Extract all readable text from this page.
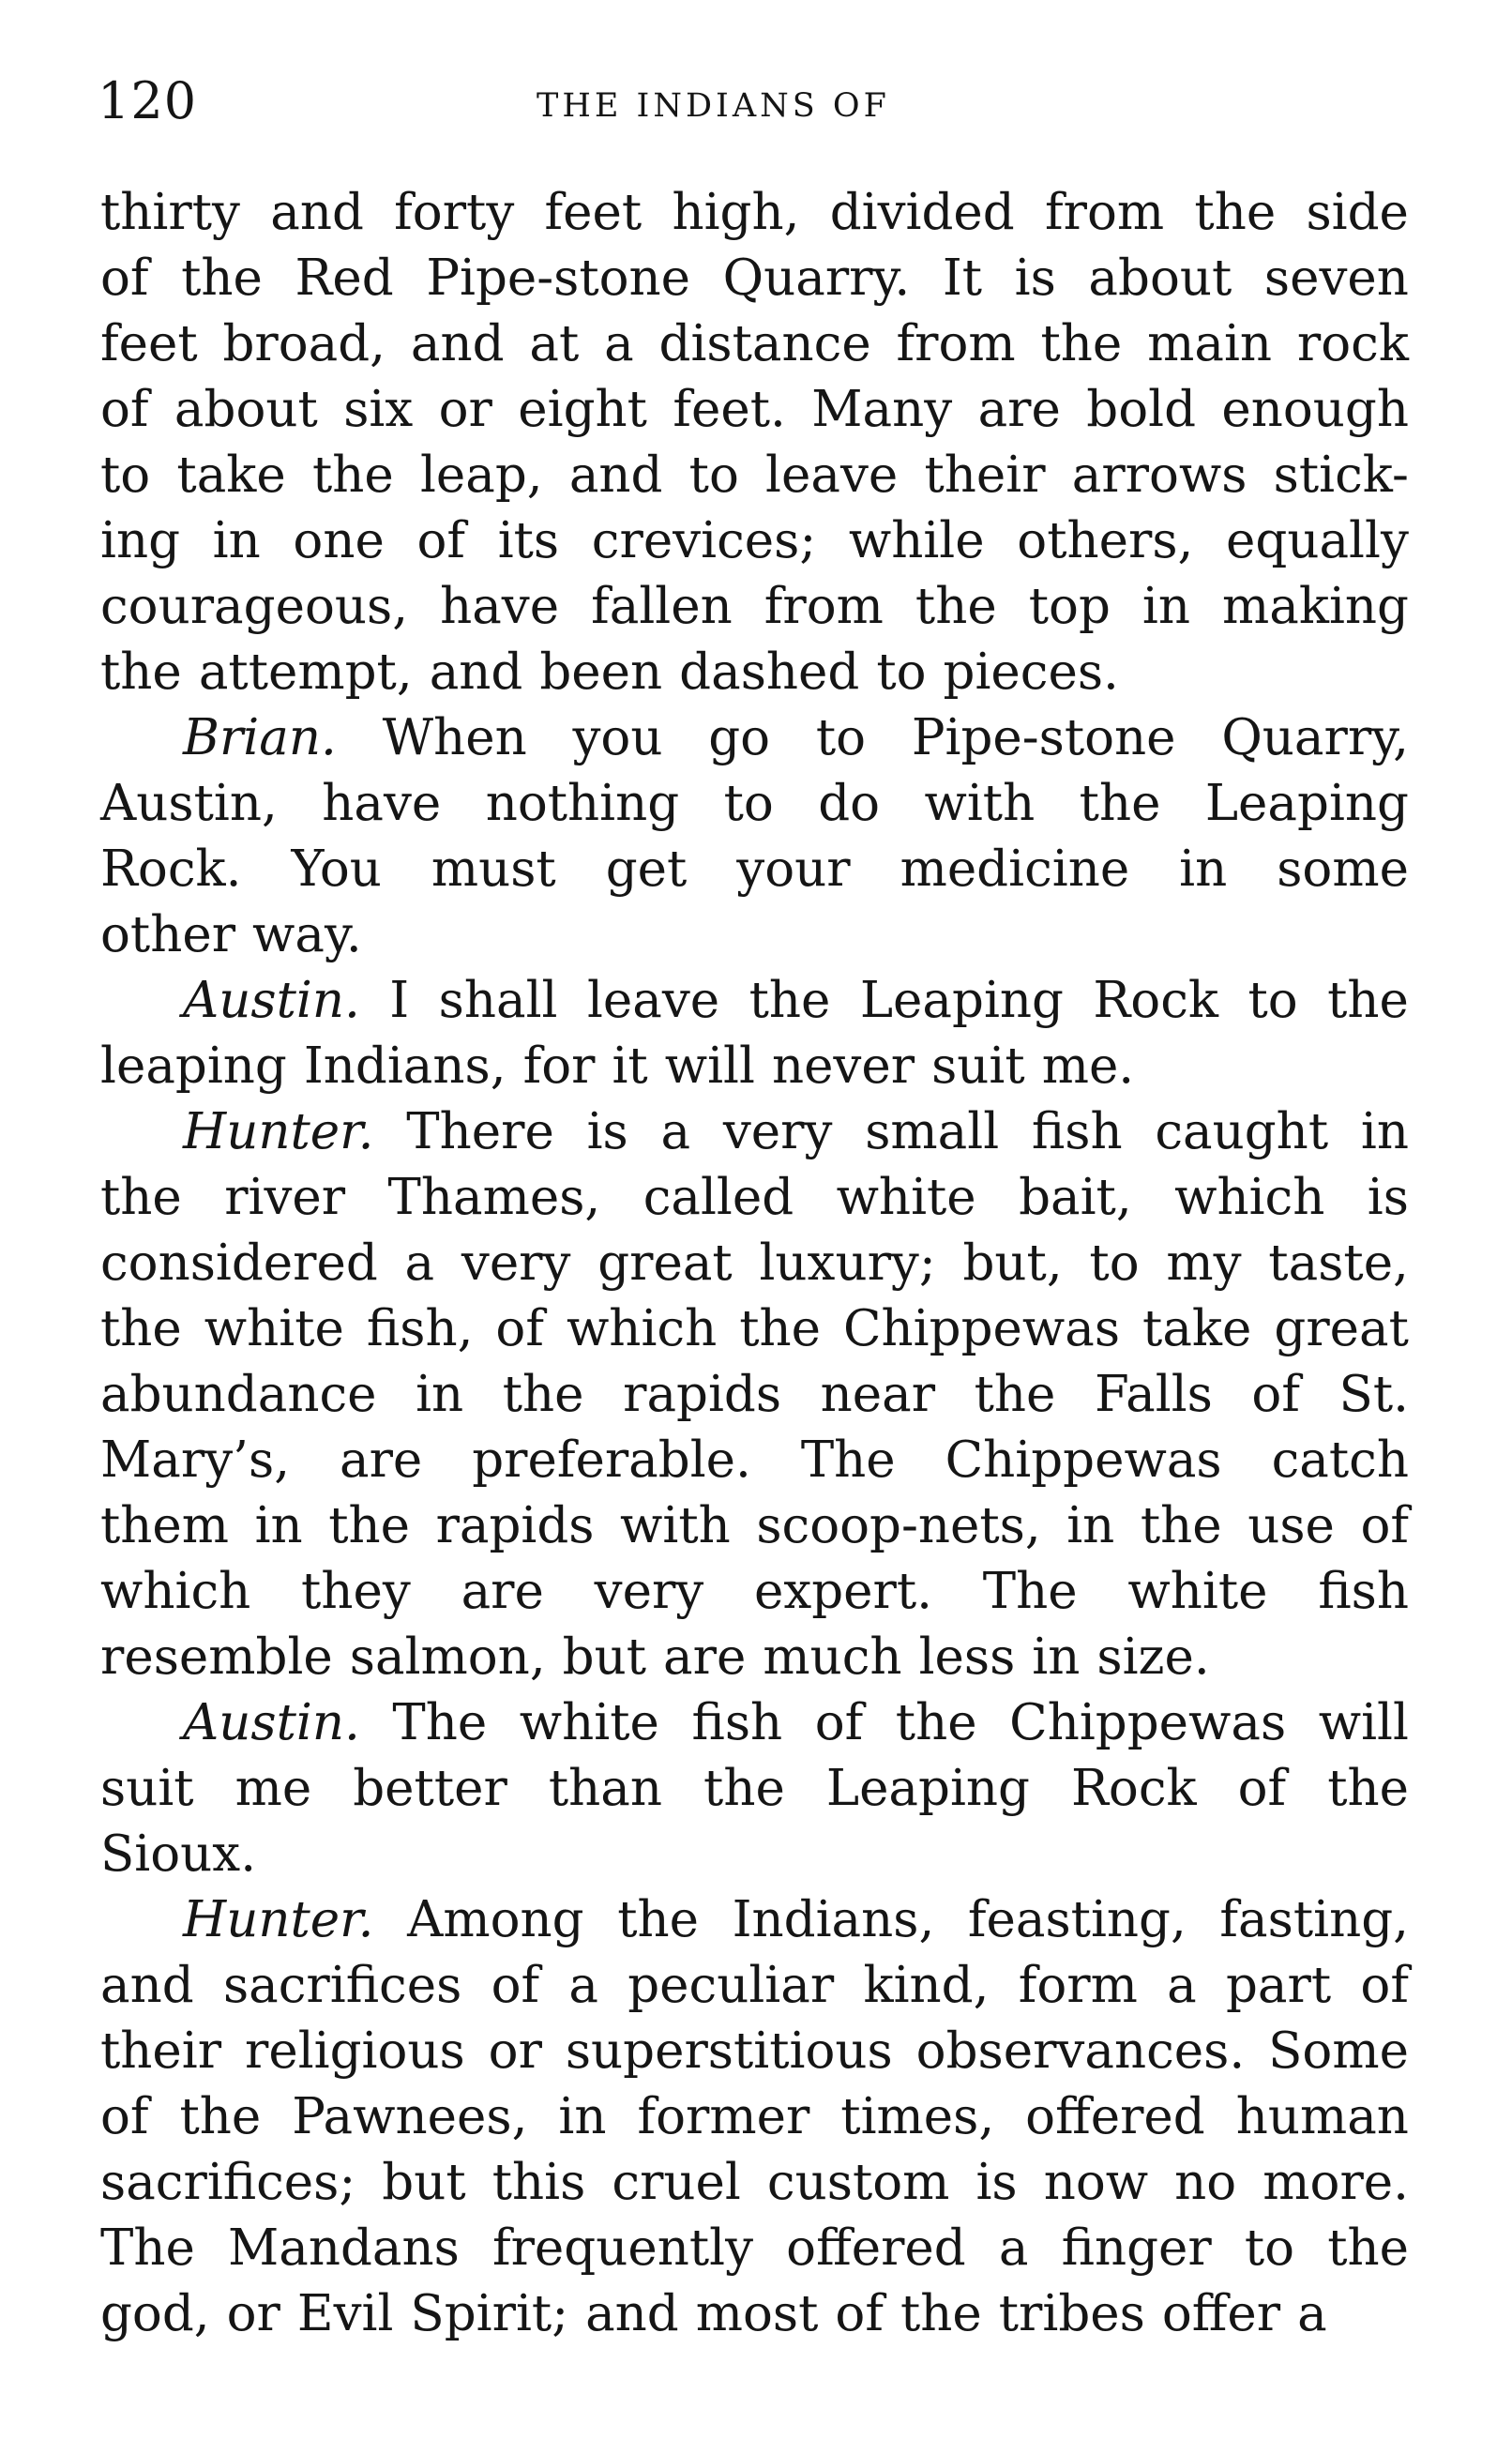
120	THE INDIANS OF
thirty and forty feet high, divided from the side
of the Red Pipe-stone Quarry. It is about seven
feet broad, and at a distance from the main rock
of about six or eight feet. Many are bold enough
to take the leap, and to leave their arrows stick-
ing in one of its crevices; while others, equally
courageous, have fallen from the top in making
the attempt, and been dashed to pieces.
Brian. When you go to Pipe-stone Quarry,
Austin, have nothing to do with the Leaping
Rock. You must get your medicine in some
other way.
Austin. I shall leave the Leaping Rock to the
leaping Indians, for it will never suit me.
Hunter. There is a very small fish caught in
the river Thames, called white bait, which is
considered a very great luxury; but, to my taste,
the white fish, of which the Chippewas take great
abundance in the rapids near the Falls of St.
Mary’s, are preferable. The Chippewas catch
them in the rapids with scoop-nets, in the use of
which they are very expert. The white fish
resemble salmon, but are much less in size.
Austin. The white fish of the Chippewas will
suit me better than the Leaping Rock of the
Sioux.
Hunter. Among the Indians, feasting, fasting,
and sacrifices of a peculiar kind, form a part of
their religious or superstitious observances. Some
of the Pawnees, in former times, offered human
sacrifices; but this cruel custom is now no more.
The Mandans frequently offered a finger to the
god, or Evil Spirit; and most of the tribes offer a
